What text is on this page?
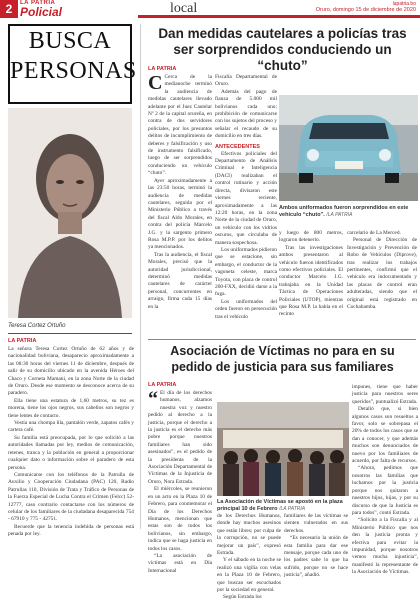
2	LA PATRIA
Policial	local	lapatria.bo
Oruro, domingo 15 de diciembre de 2020
BUSCA
PERSONAS
Teresa Cortez Ortuño
LA PATRIA

La señora Teresa Cortez Ortuño de 62 años y de nacionalidad boliviana, desaparecio aproximadamente a las 08:30 horas del viernes 11 de diciembre, después de salir de su domicilio ubicado en la avenida Héroes del Chaco y Corneta Mamani, en la zona Norte de la ciudad de Oruro. Desde ese momento se desconoce acerca de su paradero.

Ella tiene una estatura de 1,60 metros, su tez es morena, tiene los ojos negros, sus cabellos son negros y tiene lentes de contacto.

Vestía una chompa lila, pantalón verde, zapatos cafés y cartera café.

Su familia está preocupada, por lo que solicitó a las autoridades llamadas por ley, medios de comunicación, retenes, tranca y la población en general a proporcionar cualquier dato o información sobre el paradero de esta persona.

Comunicarse con los teléfonos de la Patrulla de Auxilio y Cooperación Ciudadana (PAC) 120, Radio Patrullas 110, División de Trata y Tráfico de Personas de la Fuerza Especial de Lucha Contra el Crimen (Felcc) 52-12777, caso contrario contactarse con los números de celular de los familiares de la ciudadana desaparecida 754 - 67910 y 775 - 42751.

Recuerde que la tenencia indebida de personas está penada por ley.

Dan medidas cautelares a policías tras ser sorprendidos conduciendo un “chuto”
LA PATRIA

C Cerca de la medianoche terminó la audiencia de medidas cautelares llevado adelante por el Juez Cautelar Nº 2 de la capital orureña, en contra de dos servidores policiales, por los presuntos delitos de incumplimiento de deberes y falsificación y uso de instrumento falsificado, luego de ser sorprendidos conduciendo un vehículo “chuto”.

Ayer aproximadamente a las 23:50 horas, terminó la audiencia de medidas cautelares, seguida por el Ministerio Público a través del fiscal Aldo Morales, en contra del policía Marcelo J.G. y la sargento primero Rosa M.P.P. por los delitos ya mencionados.

Tras la audiencia, el fiscal Morales, precisó que la autoridad jurisdiccional, determinó medidas cautelares de carácter personal, concurrentes en arraigo, firma cada 15 días en la

Fiscalía Departamental de Oruro.

Además del pago de fianza de 5.000 mil bolivianos cada uno; prohibición de comunicarse con los sujetos del proceso y señalar el recaudo de su domicilio en tres días.

ANTECEDENTES

Efectivos policiales del Departamento de Análisis Criminal e Inteligencia (DACI) realizaban el control rutinario y acción directa, divisaron este viernes reciente, aproximadamente a las 12:20 horas, en la zona Norte de la ciudad de Oruro, un vehículo con los vidrios oscuros, que circulaba de manera sospechosa.

Los uniformados pidieron que se estacione, sin embargo, el conductor de la vagoneta celeste, marca Toyota, con placa de control 200-FXX, decidió darse a la fuga.

Los uniformados del orden fueron en persecución tras el vehículo

Ambos uniformados fueron sorprendidos en este vehículo “chuto”. /LA PATRIA

y luego de 800 metros, lograron detenerlo.

Tras las investigaciones ambos presentaron al vehículo fueron identificados como efectivos policiales. El conductor Marcelo J.G. trabajaba en la Unidad Táctica de Operaciones Policiales (UTOP), mientras que Rosa M.P. la había en el recinto

carcelario de La Merced.

Personal de Dirección de Investigación y Prevención de Robo de Vehículos (Diprove), tras realizar los trabajos pertinentes, confirmó que el vehículo era indocumentado y las placas de control eran adulteradas, siendo que el original está registrado en Cochabamba.

Asociación de Víctimas no para en su pedido de justicia para sus familiares
LA PATRIA

“ El día de los derechos humanos, alzamos nuestra voz y nuestro pedido al derecho a la justicia, porque el derecho a la justicia es el derecho más pobre porque nuestros familiares han sido asesinados”, es el pedido de la presidenta de la Asociación Departamental de Víctimas de la Injusticia de Oruro, Nora Estrada.

El miércoles, se reunieron en un acto en la Plaza 10 de Febrero, para conmemorar el Día de los Derechos Humanos, mencionan que estas son de todos los bolivianos, sin embargo, indica que se haga justicia en todos los casos.

“La asociación de víctimas está en Día Internacional

La Asociación de Víctimas se apostó en la plaza principal 10 de Febrero /LA PATRIA

de los Derechos Humanos, donde hay muchos asesinos que están libres; por culpa de la corrupción, no se puede mejorar un país”, expresó Estrada.

Y el sábado en la noche se realizó una vigilia con velas en la Plaza 10 de Febrero, que buscan ser escuchados por la sociedad en general.

Según Estrada los

familiares de las víctimas se sienten vulnerados en sus derechos.

“Es necesario la unión de esta familia para dar ese mensaje, porque cada uno de los padres sabe lo que ha sufrido, porque no se hace justicia”, añadió.

impunes, tiene que haber justicia para nuestros seres queridos”, puntualizó Estrada.

Detalló que, si bien algunos casos son resueltos a favor, solo se sobrepasa el 20% de todos los casos que se dan a conocer, y que además muchos son denunciados de nuevo por los familiares de acuerdo, por falta de recursos.

“Ahora, pedimos que nosotros las familias que luchamos por la justicia porque nos quitaron a nuestros hijos, hijas, y por su discurso de que la Justicia es para todos”, contó Estrada.

“Solicito a la Fiscalía y al Ministerio Público que nos den la justicia pronta y efectiva para evitar la impunidad, porque nosotros vemos mucha injusticia”, manifestó la representante de la Asociación de Víctimas.
